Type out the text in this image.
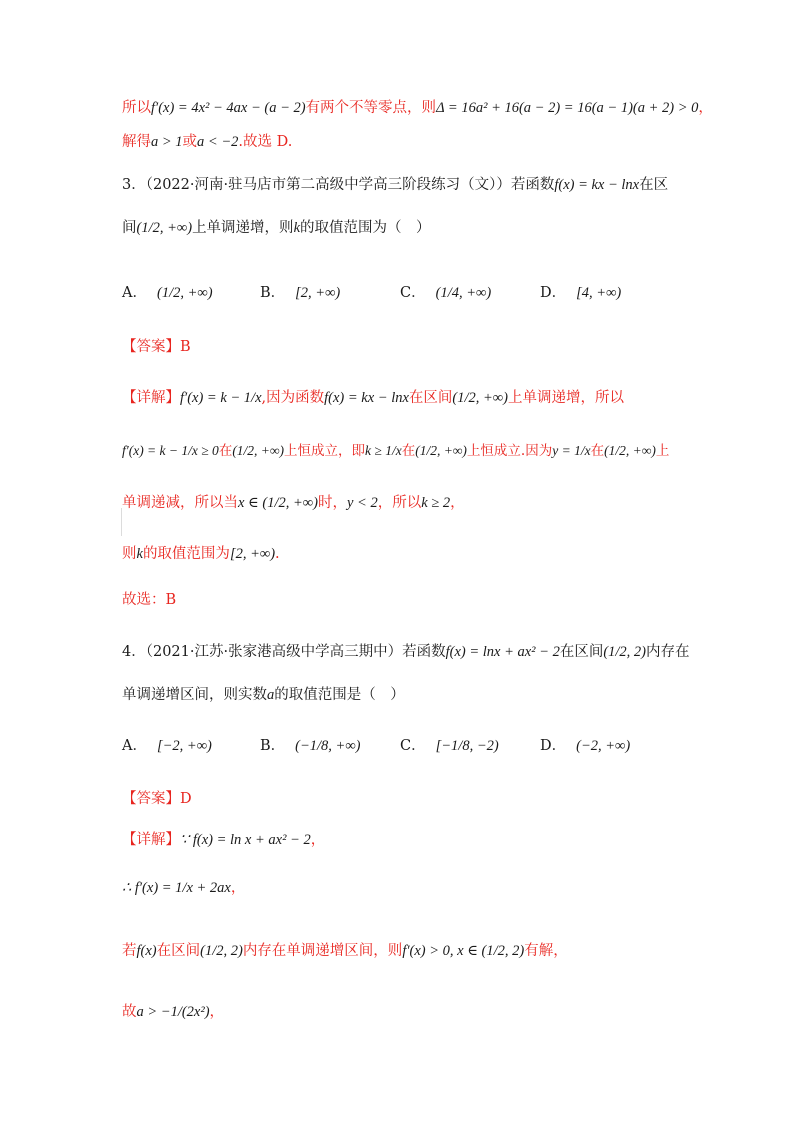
所以f′(x) = 4x² − 4ax − (a − 2)有两个不等零点，则Δ = 16a² + 16(a − 2) = 16(a − 1)(a + 2) > 0，
解得a > 1或a < −2.故选 D.
3．（2022·河南·驻马店市第二高级中学高三阶段练习（文））若函数f(x) = kx − lnx在区
间(1/2, +∞)上单调递增，则k的取值范围为（　）
A． (1/2, +∞)	B． [2, +∞)	C． (1/4, +∞)	D． [4, +∞)
【答案】B
【详解】f′(x) = k − 1/x,因为函数f(x) = kx − lnx在区间(1/2, +∞)上单调递增，所以
f′(x) = k − 1/x ≥ 0在(1/2, +∞)上恒成立，即k ≥ 1/x在(1/2, +∞)上恒成立.因为y = 1/x在(1/2, +∞)上
单调递减，所以当x ∈ (1/2, +∞)时，y < 2，所以k ≥ 2，
则k的取值范围为[2, +∞).
故选：B
4．（2021·江苏·张家港高级中学高三期中）若函数f(x) = lnx + ax² − 2在区间(1/2, 2)内存在
单调递增区间，则实数a的取值范围是（　）
A． [−2, +∞)	B． (−1/8, +∞)	C． [−1/8, −2)	D． (−2, +∞)
【答案】D
【详解】∵ f(x) = ln x + ax² − 2，
∴ f′(x) = 1/x + 2ax，
若f(x)在区间(1/2, 2)内存在单调递增区间，则f′(x) > 0, x ∈ (1/2, 2)有解，
故a > −1/(2x²)，
